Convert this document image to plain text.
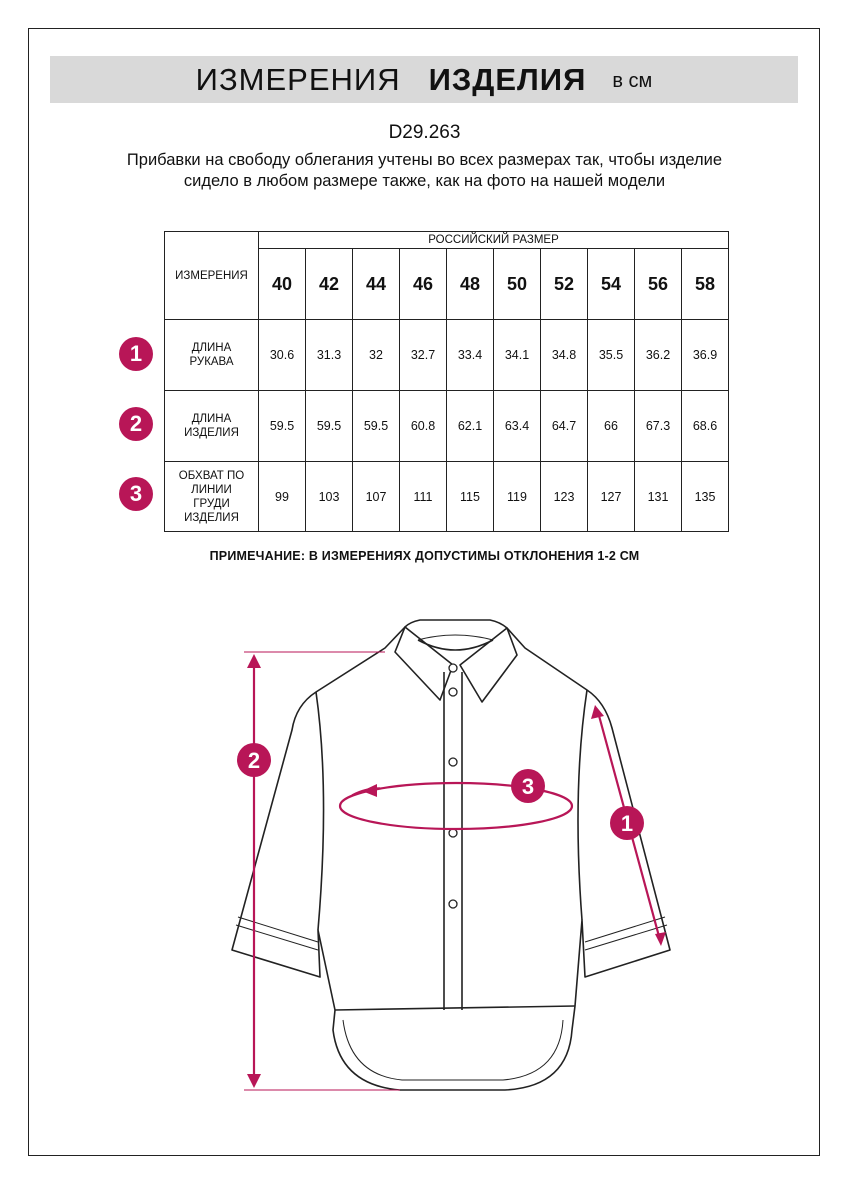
ИЗМЕРЕНИЯ ИЗДЕЛИЯ в см
D29.263
Прибавки на свободу облегания учтены во всех размерах так, чтобы изделие сидело в любом размере также, как на фото на нашей модели
ИЗМЕРЕНИЯ	РОССИЙСКИЙ РАЗМЕР									
	40	42	44	46	48	50	52	54	56	58
ДЛИНА
РУКАВА	30.6	31.3	32	32.7	33.4	34.1	34.8	35.5	36.2	36.9
ДЛИНА
ИЗДЕЛИЯ	59.5	59.5	59.5	60.8	62.1	63.4	64.7	66	67.3	68.6
ОБХВАТ ПО
ЛИНИИ
ГРУДИ
ИЗДЕЛИЯ	99	103	107	111	115	119	123	127	131	135
1
2
3
ПРИМЕЧАНИЕ: В ИЗМЕРЕНИЯХ ДОПУСТИМЫ ОТКЛОНЕНИЯ 1-2 СМ
2
1
3
